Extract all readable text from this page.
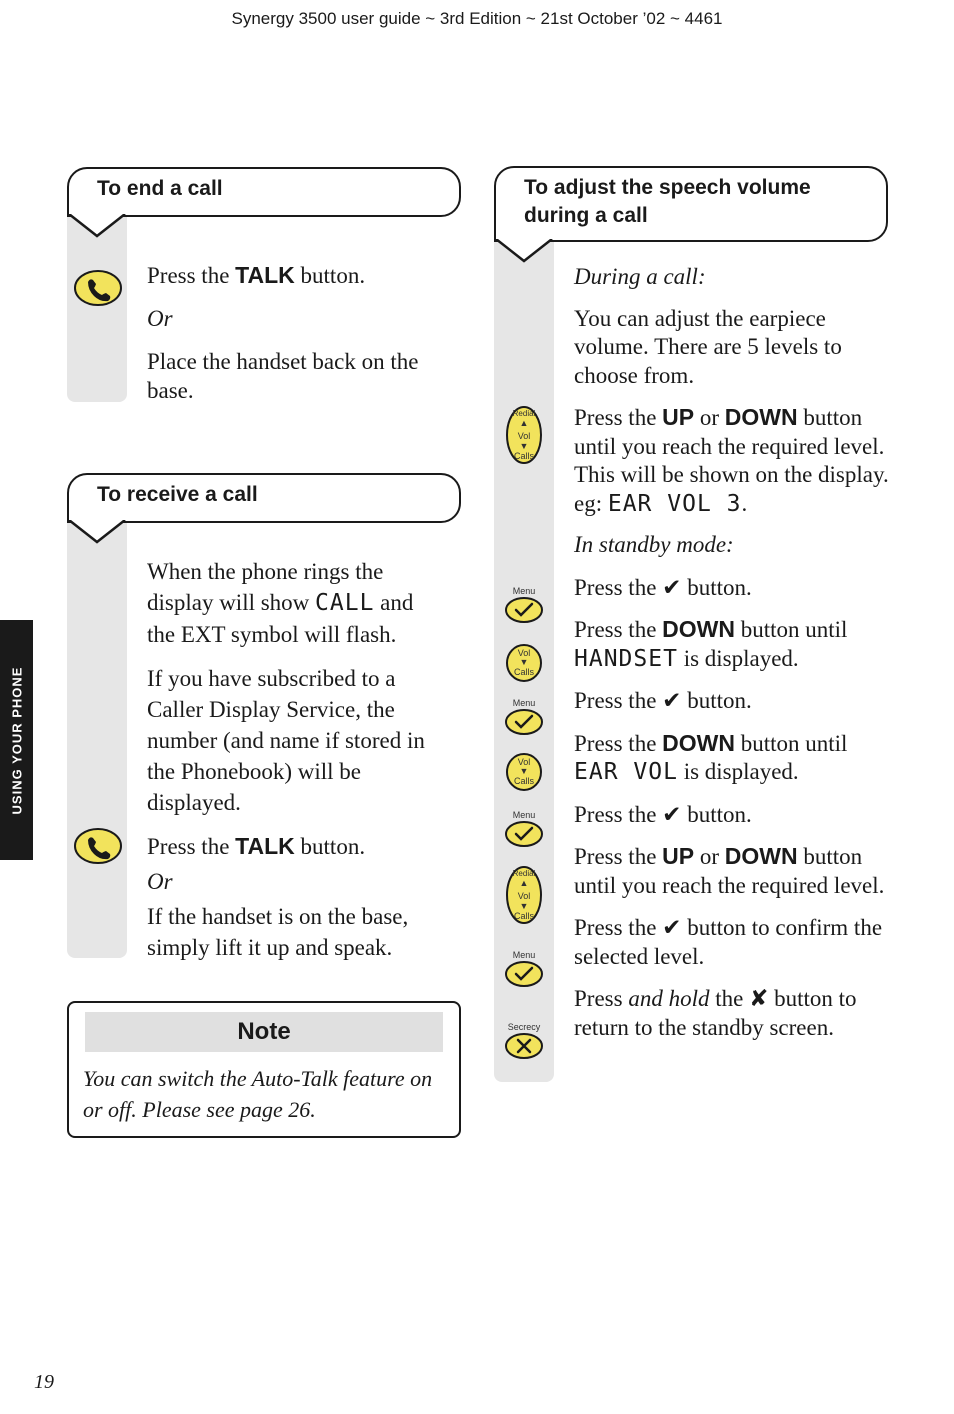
Synergy 3500 user guide ~ 3rd Edition ~ 21st October ’02 ~ 4461
USING YOUR PHONE
To end a call

Press the TALK button.

Or

Place the handset back on the base.

To receive a call

When the phone rings the display will show CALL and the EXT symbol will flash.

If you have subscribed to a Caller Display Service, the number (and name if stored in the Phonebook) will be displayed.

Press the TALK button.

Or

If the handset is on the base, simply lift it up and speak.

Note
You can switch the Auto-Talk feature on or off. Please see page 26.
To adjust the speech volume during a call
Redial
▲
Vol
▼
Calls
Menu
Vol
▼
Calls
Menu
Vol
▼
Calls
Menu
Redial
▲
Vol
▼
Calls
Menu
Secrecy

During a call:

You can adjust the earpiece volume. There are 5 levels to choose from.

Press the UP or DOWN button until you reach the required level. This will be shown on the display.
eg: EAR VOL 3.

In standby mode:

Press the ✔ button.

Press the DOWN button until HANDSET is displayed.

Press the ✔ button.

Press the DOWN button until EAR VOL is displayed.

Press the ✔ button.

Press the UP or DOWN button until you reach the required level.

Press the ✔ button to confirm the selected level.

Press and hold the ✘ button to return to the standby screen.

19
